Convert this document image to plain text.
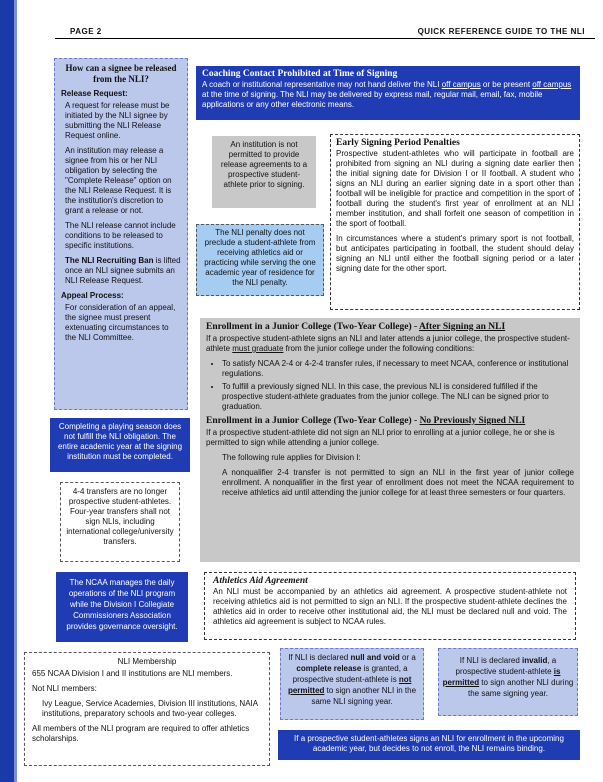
PAGE 2	QUICK REFERENCE GUIDE TO THE NLI
How can a signee be released from the NLI?
Release Request:

A request for release must be initiated by the NLI signee by submitting the NLI Release Request online.

An institution may release a signee from his or her NLI obligation by selecting the "Complete Release" option on the NLI Release Request. It is the institution's discretion to grant a release or not.

The NLI release cannot include conditions to be released to specific institutions.

The NLI Recruiting Ban is lifted once an NLI signee submits an NLI Release Request.

Appeal Process:

For consideration of an appeal, the signee must present extenuating circumstances to the NLI Committee.

Completing a playing season does not fulfill the NLI obligation. The entire academic year at the signing institution must be completed.
4-4 transfers are no longer prospective student-athletes. Four-year transfers shall not sign NLIs, including international college/university transfers.
The NCAA manages the daily operations of the NLI program while the Division I Collegiate Commissioners Association provides governance oversight.
NLI Membership

655 NCAA Division I and II institutions are NLI members.

Not NLI members:

Ivy League, Service Academies, Division III institutions, NAIA institutions, preparatory schools and two-year colleges.

All members of the NLI program are required to offer athletics scholarships.

Coaching Contact Prohibited at Time of Signing
A coach or institutional representative may not hand deliver the NLI off campus or be present off campus at the time of signing. The NLI may be delivered by express mail, regular mail, email, fax, mobile applications or any other electronic means.
An institution is not permitted to provide release agreements to a prospective student-athlete prior to signing.
The NLI penalty does not preclude a student-athlete from receiving athletics aid or practicing while serving the one academic year of residence for the NLI penalty.
Early Signing Period Penalties

Prospective student-athletes who will participate in football are prohibited from signing an NLI during a signing date earlier then the initial signing date for Division I or II football. A student who signs an NLI during an earlier signing date in a sport other than football will be ineligible for practice and competition in the sport of football during the student's first year of enrollment at an NLI member institution, and shall forfeit one season of competition in the sport of football.

In circumstances where a student's primary sport is not football, but anticipates participating in football, the student should delay signing an NLI until either the football signing period or a later signing date for the other sport.

Enrollment in a Junior College (Two-Year College) - After Signing an NLI

If a prospective student-athlete signs an NLI and later attends a junior college, the prospective student-athlete must graduate from the junior college under the following conditions:

• To satisfy NCAA 2-4 or 4-2-4 transfer rules, if necessary to meet NCAA, conference or institutional regulations.
• To fulfill a previously signed NLI. In this case, the previous NLI is considered fulfilled if the prospective student-athlete graduates from the junior college. The NLI can be signed prior to graduation.
Enrollment in a Junior College (Two-Year College) - No Previously Signed NLI

If a prospective student-athlete did not sign an NLI prior to enrolling at a junior college, he or she is permitted to sign while attending a junior college.

The following rule applies for Division I:

A nonqualifier 2-4 transfer is not permitted to sign an NLI in the first year of junior college enrollment. A nonqualifier in the first year of enrollment does not meet the NCAA requirement to receive athletics aid until attending the junior college for at least three semesters or four quarters.

Athletics Aid Agreement

An NLI must be accompanied by an athletics aid agreement. A prospective student-athlete not receiving athletics aid is not permitted to sign an NLI. If the prospective student-athlete declines the athletics aid in order to receive other institutional aid, the NLI must be declared null and void. The athletics aid agreement is subject to NCAA rules.

If NLI is declared null and void or a complete release is granted, a prospective student-athlete is not permitted to sign another NLI in the same NLI signing year.
If NLI is declared invalid, a prospective student-athlete is permitted to sign another NLI during the same signing year.
If a prospective student-athletes signs an NLI for enrollment in the upcoming academic year, but decides to not enroll, the NLI remains binding.
